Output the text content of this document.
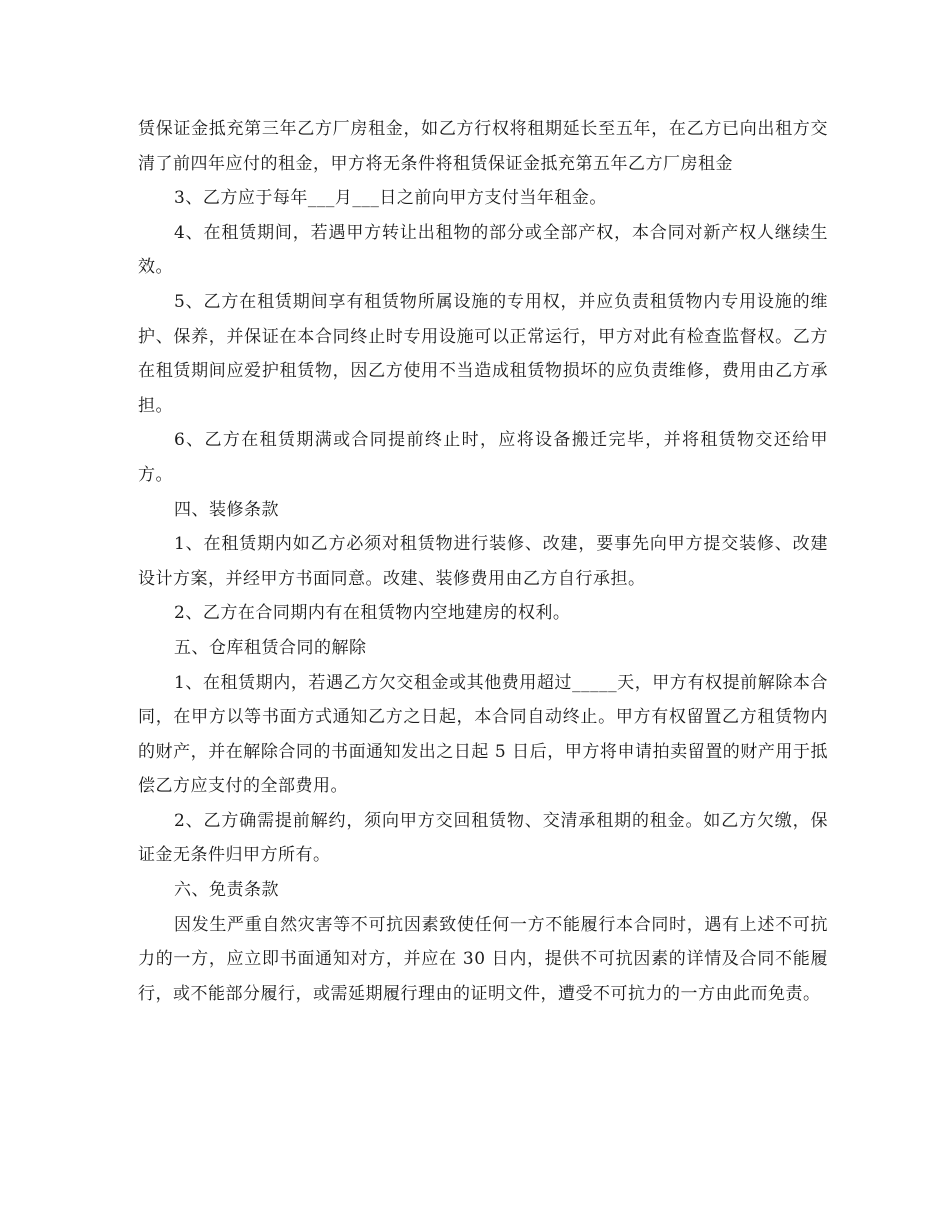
赁保证金抵充第三年乙方厂房租金，如乙方行权将租期延长至五年，在乙方已向出租方交清了前四年应付的租金，甲方将无条件将租赁保证金抵充第五年乙方厂房租金

3、乙方应于每年___月___日之前向甲方支付当年租金。

4、在租赁期间，若遇甲方转让出租物的部分或全部产权，本合同对新产权人继续生效。

5、乙方在租赁期间享有租赁物所属设施的专用权，并应负责租赁物内专用设施的维护、保养，并保证在本合同终止时专用设施可以正常运行，甲方对此有检查监督权。乙方在租赁期间应爱护租赁物，因乙方使用不当造成租赁物损坏的应负责维修，费用由乙方承担。

6、乙方在租赁期满或合同提前终止时，应将设备搬迁完毕，并将租赁物交还给甲方。

四、装修条款

1、在租赁期内如乙方必须对租赁物进行装修、改建，要事先向甲方提交装修、改建设计方案，并经甲方书面同意。改建、装修费用由乙方自行承担。

2、乙方在合同期内有在租赁物内空地建房的权利。

五、仓库租赁合同的解除

1、在租赁期内，若遇乙方欠交租金或其他费用超过_____天，甲方有权提前解除本合同，在甲方以等书面方式通知乙方之日起，本合同自动终止。甲方有权留置乙方租赁物内的财产，并在解除合同的书面通知发出之日起 5 日后，甲方将申请拍卖留置的财产用于抵偿乙方应支付的全部费用。

2、乙方确需提前解约，须向甲方交回租赁物、交清承租期的租金。如乙方欠缴，保证金无条件归甲方所有。

六、免责条款

因发生严重自然灾害等不可抗因素致使任何一方不能履行本合同时，遇有上述不可抗力的一方，应立即书面通知对方，并应在 30 日内，提供不可抗因素的详情及合同不能履行，或不能部分履行，或需延期履行理由的证明文件，遭受不可抗力的一方由此而免责。
